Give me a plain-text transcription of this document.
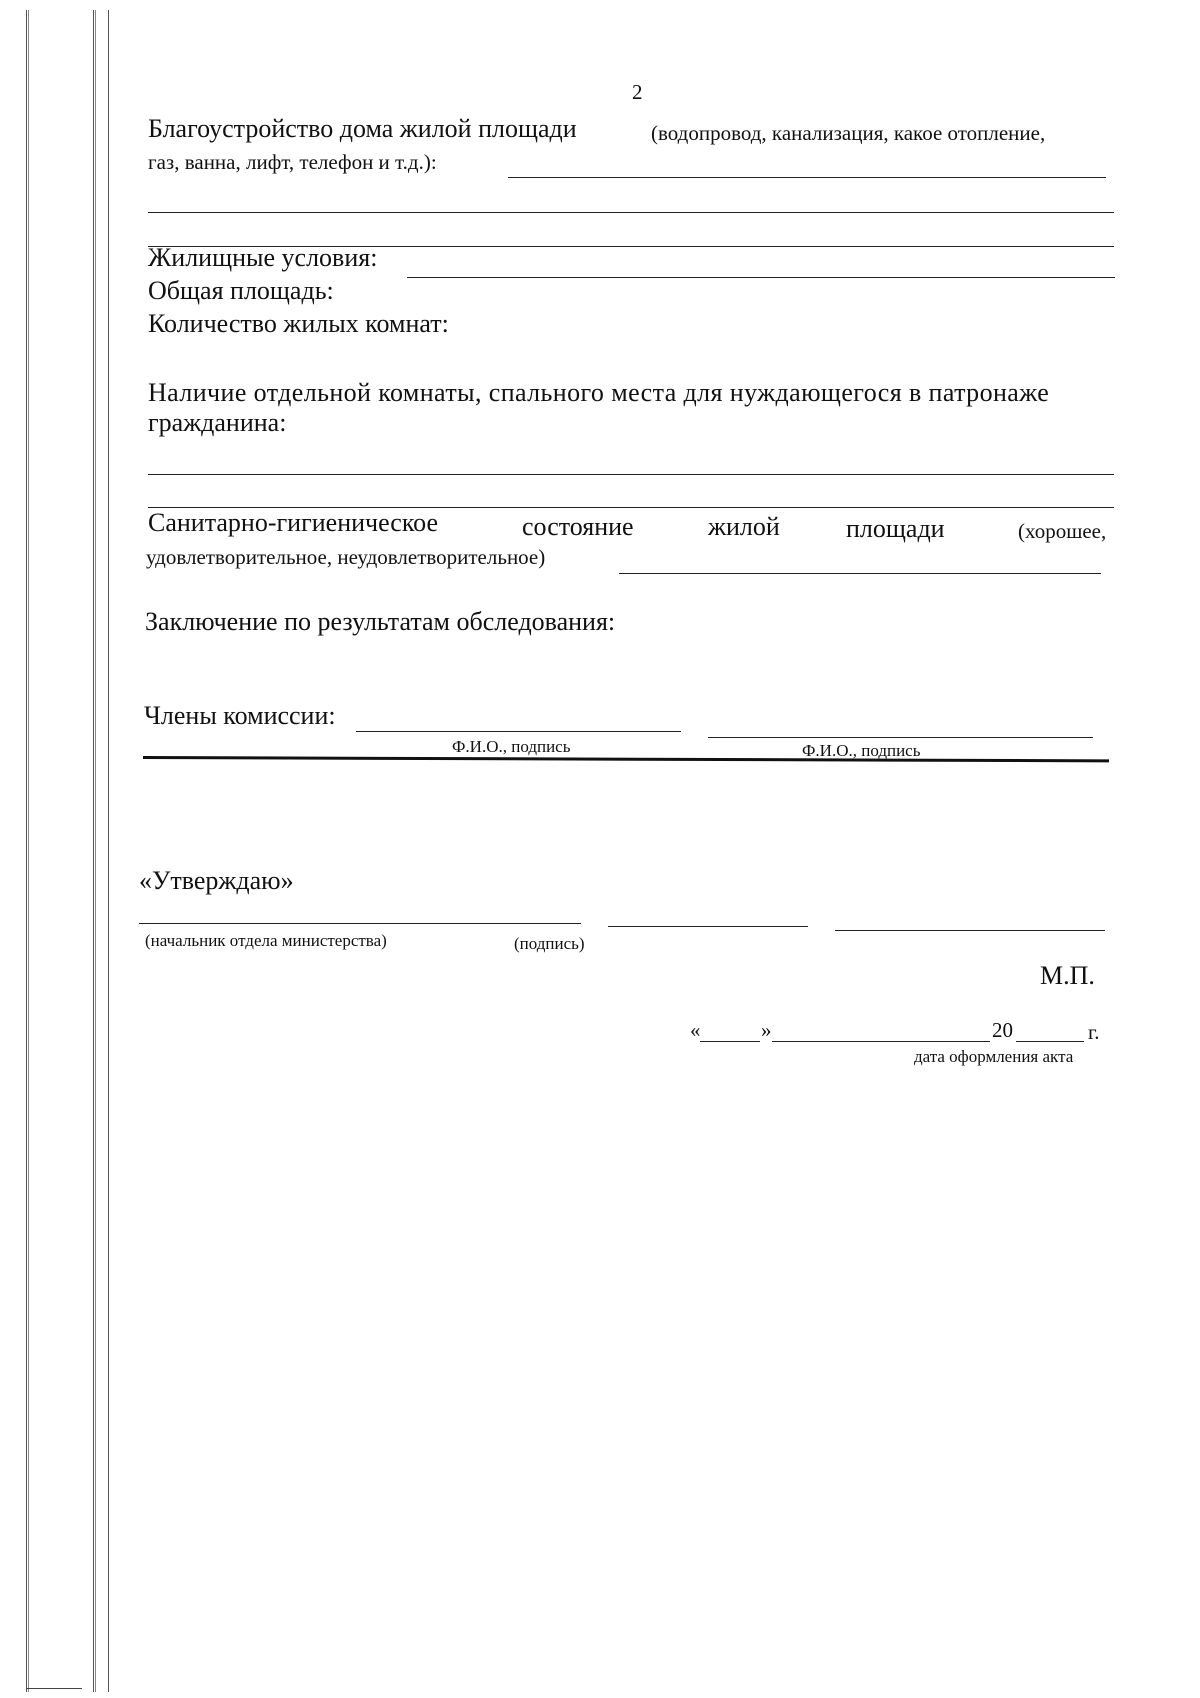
2
Благоустройство дома жилой площади	(водопровод, канализация, какое отопление,
газ, ванна, лифт, телефон и т.д.):
Жилищные условия:
Общая площадь:
Количество жилых комнат:
Наличие отдельной комнаты, спального места для нуждающегося в патронаже
гражданина:
Санитарно-гигиеническое	состояние	жилой	площади	(хорошее,
удовлетворительное, неудовлетворительное)
Заключение по результатам обследования:
Члены комиссии:
Ф.И.О., подпись	Ф.И.О., подпись
«Утверждаю»
(начальник отдела министерства)	(подпись)
М.П.
«	»	20	г.
дата оформления акта
